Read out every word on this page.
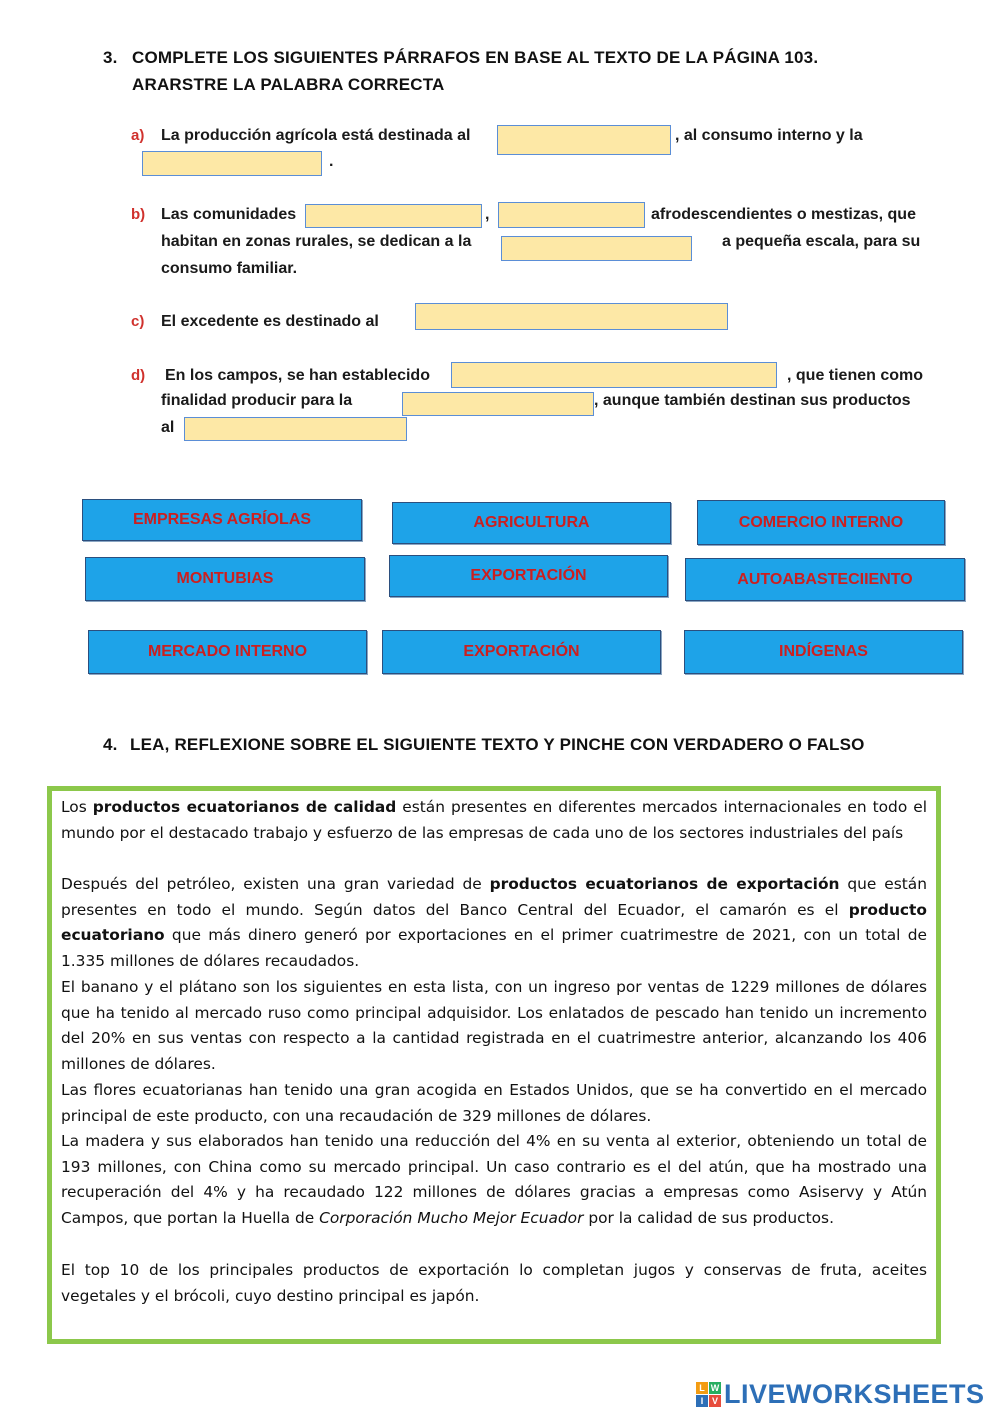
3. COMPLETE LOS SIGUIENTES PÁRRAFOS EN BASE AL TEXTO DE LA PÁGINA 103.
ARARSTRE LA PALABRA CORRECTA
a) La producción agrícola está destinada al	, al consumo interno y la
.
b) Las comunidades	,	afrodescendientes o mestizas, que
habitan en zonas rurales, se dedican a la	a pequeña escala, para su
consumo familiar.
c) El excedente es destinado al
d) En los campos, se han establecido	, que tienen como
finalidad producir para la	, aunque también destinan sus productos
al
EMPRESAS AGRÍOLAS	AGRICULTURA	COMERCIO INTERNO
MONTUBIAS	EXPORTACIÓN	AUTOABASTECIIENTO
MERCADO INTERNO	EXPORTACIÓN	INDÍGENAS
4. LEA, REFLEXIONE SOBRE EL SIGUIENTE TEXTO Y PINCHE CON VERDADERO O FALSO
Los productos ecuatorianos de calidad están presentes en diferentes mercados internacionales en todo el mundo por el destacado trabajo y esfuerzo de las empresas de cada uno de los sectores industriales del país
Después del petróleo, existen una gran variedad de productos ecuatorianos de exportación que están presentes en todo el mundo. Según datos del Banco Central del Ecuador, el camarón es el producto ecuatoriano que más dinero generó por exportaciones en el primer cuatrimestre de 2021, con un total de 1.335 millones de dólares recaudados.
El banano y el plátano son los siguientes en esta lista, con un ingreso por ventas de 1229 millones de dólares que ha tenido al mercado ruso como principal adquisidor. Los enlatados de pescado han tenido un incremento del 20% en sus ventas con respecto a la cantidad registrada en el cuatrimestre anterior, alcanzando los 406 millones de dólares.
Las flores ecuatorianas han tenido una gran acogida en Estados Unidos, que se ha convertido en el mercado principal de este producto, con una recaudación de 329 millones de dólares.
La madera y sus elaborados han tenido una reducción del 4% en su venta al exterior, obteniendo un total de 193 millones, con China como su mercado principal. Un caso contrario es el del atún, que ha mostrado una recuperación del 4% y ha recaudado 122 millones de dólares gracias a empresas como Asiservy y Atún Campos, que portan la Huella de Corporación Mucho Mejor Ecuador por la calidad de sus productos.
El top 10 de los principales productos de exportación lo completan jugos y conservas de fruta, aceites vegetales y el brócoli, cuyo destino principal es japón.
L W
I V LIVEWORKSHEETS
